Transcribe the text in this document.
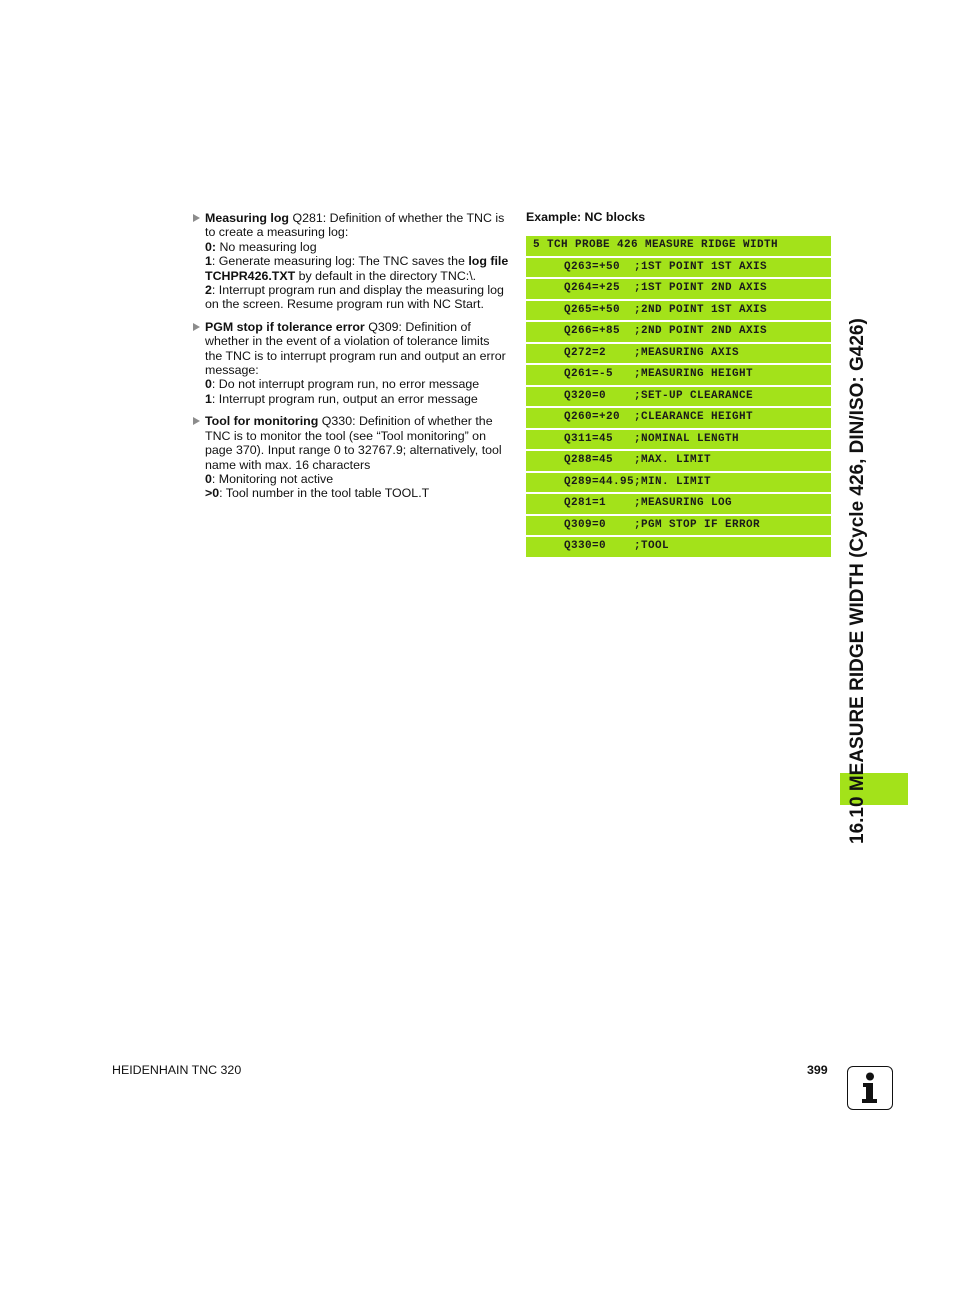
Measuring log Q281: Definition of whether the TNC is to create a measuring log:

0: No measuring log

1: Generate measuring log: The TNC saves the log file TCHPR426.TXT by default in the directory TNC:\.

2: Interrupt program run and display the measuring log on the screen. Resume program run with NC Start.

PGM stop if tolerance error Q309: Definition of whether in the event of a violation of tolerance limits the TNC is to interrupt program run and output an error message:

0: Do not interrupt program run, no error message

1: Interrupt program run, output an error message

Tool for monitoring Q330: Definition of whether the TNC is to monitor the tool (see “Tool monitoring” on page 370). Input range 0 to 32767.9; alternatively, tool name with max. 16 characters

0: Monitoring not active

>0: Tool number in the tool table TOOL.T

Example: NC blocks
5 TCH PROBE 426 MEASURE RIDGE WIDTH
Q263=+50  ;1ST POINT 1ST AXIS
Q264=+25  ;1ST POINT 2ND AXIS
Q265=+50  ;2ND POINT 1ST AXIS
Q266=+85  ;2ND POINT 2ND AXIS
Q272=2    ;MEASURING AXIS
Q261=-5   ;MEASURING HEIGHT
Q320=0    ;SET-UP CLEARANCE
Q260=+20  ;CLEARANCE HEIGHT
Q311=45   ;NOMINAL LENGTH
Q288=45   ;MAX. LIMIT
Q289=44.95;MIN. LIMIT
Q281=1    ;MEASURING LOG
Q309=0    ;PGM STOP IF ERROR
Q330=0    ;TOOL	16.10 MEASURE RIDGE WIDTH (Cycle 426, DIN/ISO: G426)
HEIDENHAIN TNC 320	399
